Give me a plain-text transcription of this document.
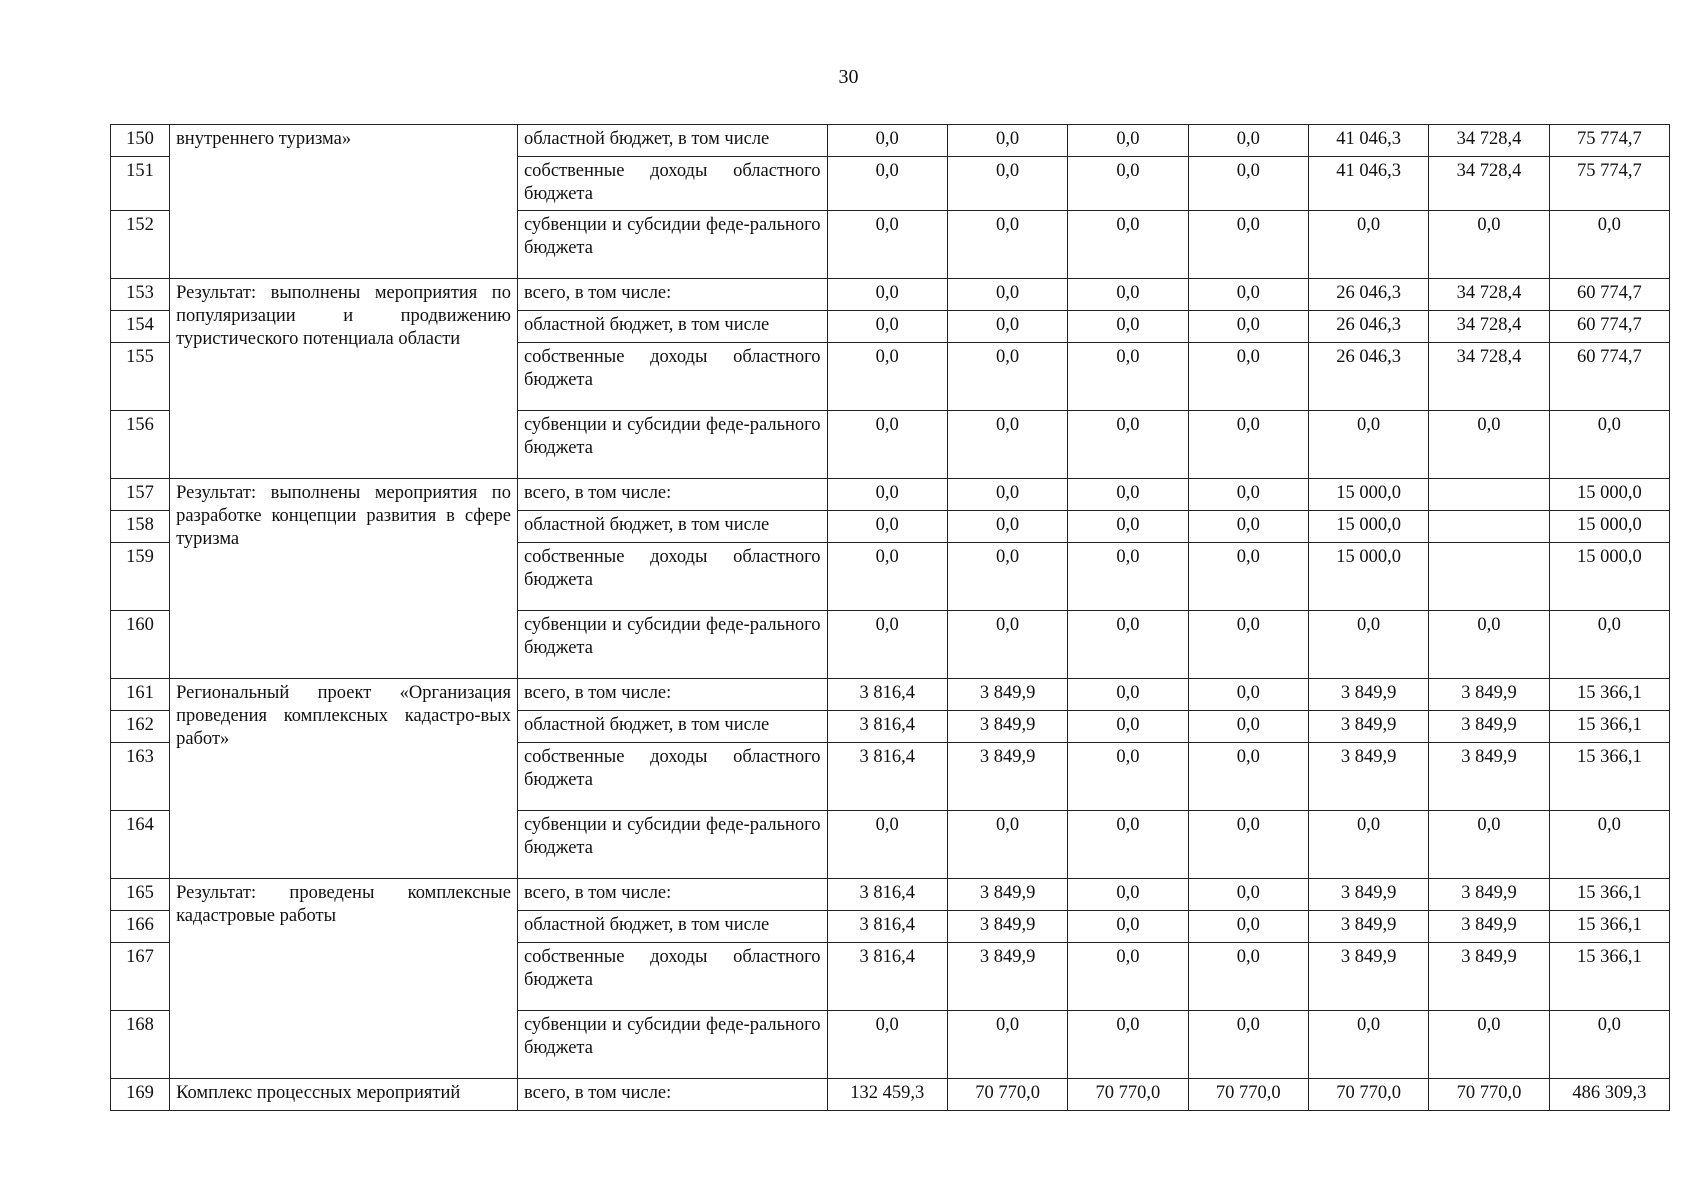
30
150	внутреннего туризма»	областной бюджет, в том числе	0,0	0,0	0,0	0,0	41 046,3	34 728,4	75 774,7
151		собственные доходы областного бюджета	0,0	0,0	0,0	0,0	41 046,3	34 728,4	75 774,7
152		субвенции и субсидии феде-рального бюджета	0,0	0,0	0,0	0,0	0,0	0,0	0,0
153	Результат: выполнены мероприятия по популяризации и продвижению туристического потенциала области	всего, в том числе:	0,0	0,0	0,0	0,0	26 046,3	34 728,4	60 774,7
154		областной бюджет, в том числе	0,0	0,0	0,0	0,0	26 046,3	34 728,4	60 774,7
155		собственные доходы областного бюджета	0,0	0,0	0,0	0,0	26 046,3	34 728,4	60 774,7
156		субвенции и субсидии феде-рального бюджета	0,0	0,0	0,0	0,0	0,0	0,0	0,0
157	Результат: выполнены мероприятия по разработке концепции развития в сфере туризма	всего, в том числе:	0,0	0,0	0,0	0,0	15 000,0		15 000,0
158		областной бюджет, в том числе	0,0	0,0	0,0	0,0	15 000,0		15 000,0
159		собственные доходы областного бюджета	0,0	0,0	0,0	0,0	15 000,0		15 000,0
160		субвенции и субсидии феде-рального бюджета	0,0	0,0	0,0	0,0	0,0	0,0	0,0
161	Региональный проект «Организация проведения комплексных кадастро-вых работ»	всего, в том числе:	3 816,4	3 849,9	0,0	0,0	3 849,9	3 849,9	15 366,1
162		областной бюджет, в том числе	3 816,4	3 849,9	0,0	0,0	3 849,9	3 849,9	15 366,1
163		собственные доходы областного бюджета	3 816,4	3 849,9	0,0	0,0	3 849,9	3 849,9	15 366,1
164		субвенции и субсидии феде-рального бюджета	0,0	0,0	0,0	0,0	0,0	0,0	0,0
165	Результат: проведены комплексные кадастровые работы	всего, в том числе:	3 816,4	3 849,9	0,0	0,0	3 849,9	3 849,9	15 366,1
166		областной бюджет, в том числе	3 816,4	3 849,9	0,0	0,0	3 849,9	3 849,9	15 366,1
167		собственные доходы областного бюджета	3 816,4	3 849,9	0,0	0,0	3 849,9	3 849,9	15 366,1
168		субвенции и субсидии феде-рального бюджета	0,0	0,0	0,0	0,0	0,0	0,0	0,0
169	Комплекс процессных мероприятий	всего, в том числе:	132 459,3	70 770,0	70 770,0	70 770,0	70 770,0	70 770,0	486 309,3
